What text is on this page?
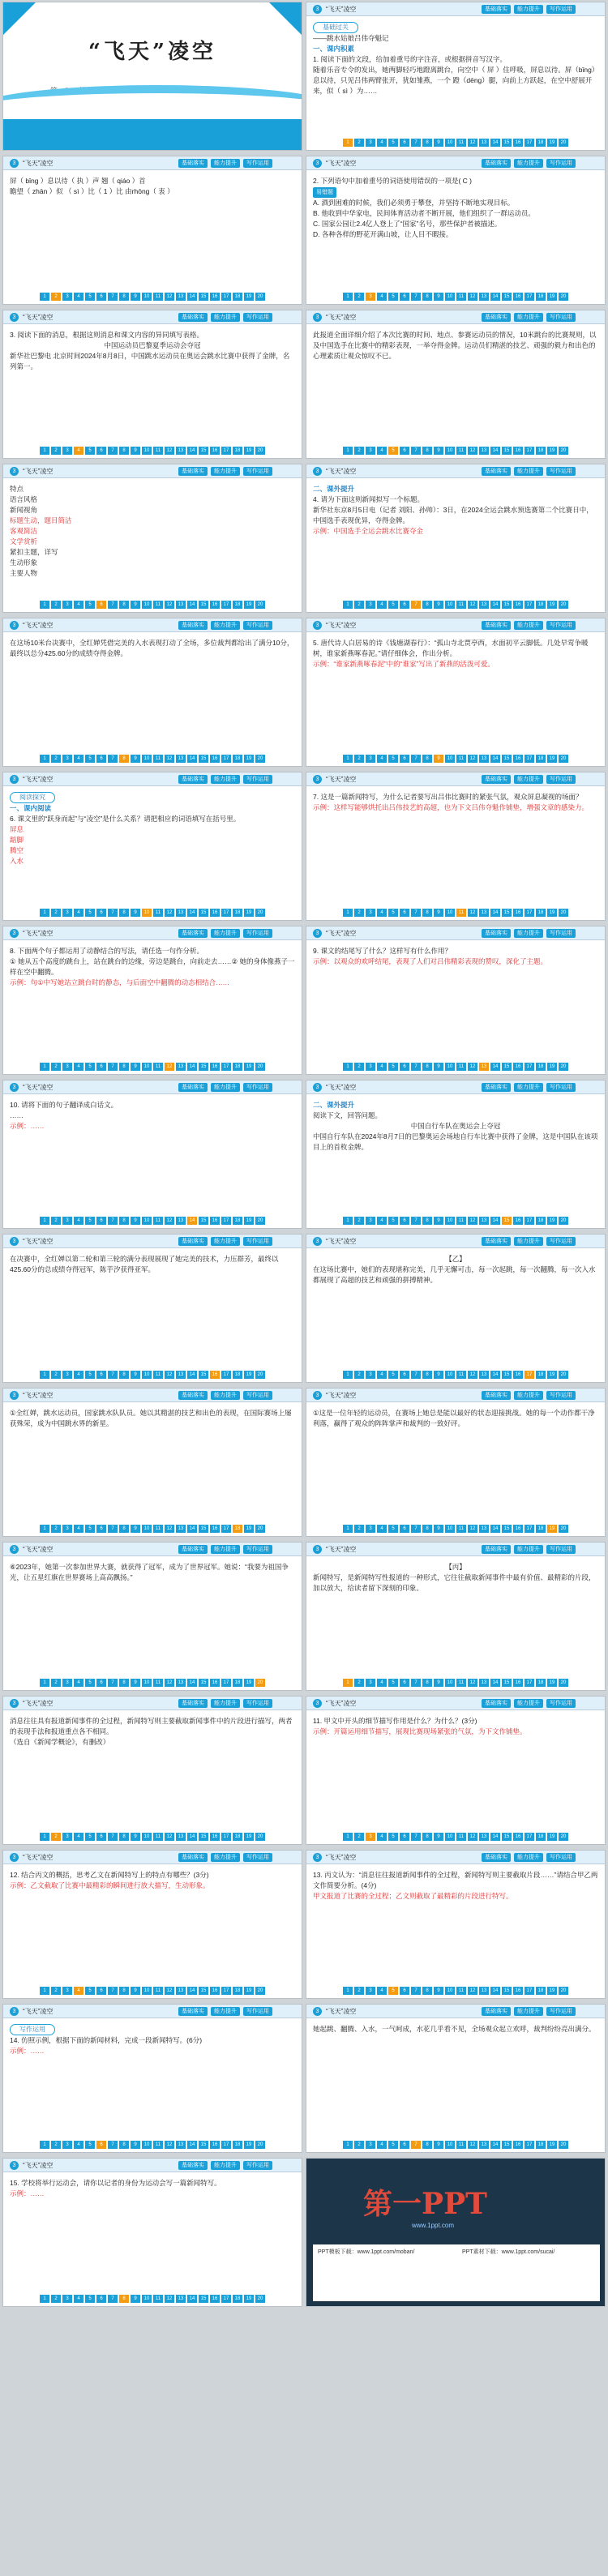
“飞天”凌空
第一PPT模板网-WWW.1PPT.COM
3	“飞天”凌空	基础落实	能力提升	写作运用
基础过关
——跳水姑娘吕伟夺魁记
一、课内积累
1. 阅读下面的文段，给加着重号的字注音，或根据拼音写汉字。
随着乐音专令的发出，她两脚轻巧地蹬离跳台，向空中（ 屏 ）住呼吸，屏息以待。屏（bǐng）息以待，只见吕伟两臂张开，犹如雏燕，一个 蹬（dēng）腿，向前上方跃起，在空中舒展开来，似（ sì ）为……
1 2 3 4 5 6 7 8 9 10 11 12 13 14 15 16 17 18 19 20
3	“飞天”凌空	基础落实	能力提升	写作运用
屏（ bǐng ）息以待（ 执 ）声 翘（ qiáo ）首
瞻望（ zhān ）似 （ sì ）比（ 1 ）比 由rhōng（ 衷 ）
1 2 3 4 5 6 7 8 9 10 11 12 13 14 15 16 17 18 19 20
3	“飞天”凌空	基础落实	能力提升	写作运用
2. 下列语句中加着重号的词语使用错误的一项是( C )
易错题
A. 酒到困难的时候，我们必须勇于攀登，并坚持不断地实现目标。
B. 他收到中华家电，民间体育活动者不断开展，他们组织了一群运动员。
C. 国家公园让2.4亿人登上了“国家”名号，那些保护者被描述。
D. 各种各样的野花开满山坡，让人目不暇接。
1 2 3 4 5 6 7 8 9 10 11 12 13 14 15 16 17 18 19 20
3	“飞天”凌空	基础落实	能力提升	写作运用
3. 阅读下面的消息，根据这则消息和课文内容的异同填写表格。
中国运动员巴黎夏季运动会夺冠
新华社巴黎电 北京时间2024年8月8日，中国跳水运动员在奥运会跳水比赛中获得了金牌，名列第一。
1 2 3 4 5 6 7 8 9 10 11 12 13 14 15 16 17 18 19 20
3	“飞天”凌空	基础落实	能力提升	写作运用
此报道全面详细介绍了本次比赛的时间、地点、参赛运动员的情况，10米跳台的比赛规则，以及中国选手在比赛中的精彩表现，一举夺得金牌。运动员们精湛的技艺、顽强的毅力和出色的心理素质让观众惊叹不已。
1 2 3 4 5 6 7 8 9 10 11 12 13 14 15 16 17 18 19 20
3	“飞天”凌空	基础落实	能力提升	写作运用
特点
语言风格
新闻视角
标题生动，题目简洁
客观简洁
文学赏析
紧扣主题，详写
生动形象
主要人物
1 2 3 4 5 6 7 8 9 10 11 12 13 14 15 16 17 18 19 20
3	“飞天”凌空	基础落实	能力提升	写作运用
二、课外提升
4. 请为下面这则新闻拟写一个标题。
新华社东京8月5日电（记者 刘阳、孙帅）：3日，在2024全运会跳水预选赛第二个比赛日中，中国选手表现优异，夺得金牌。
示例：中国选手全运会跳水比赛夺金
1 2 3 4 5 6 7 8 9 10 11 12 13 14 15 16 17 18 19 20
3	“飞天”凌空	基础落实	能力提升	写作运用
在这场10米台决赛中，全红婵凭借完美的入水表现打动了全场，多位裁判都给出了满分10分，最终以总分425.60分的成绩夺得金牌。
1 2 3 4 5 6 7 8 9 10 11 12 13 14 15 16 17 18 19 20
3	“飞天”凌空	基础落实	能力提升	写作运用
5. 唐代诗人白居易的诗《钱塘湖春行》：“孤山寺北贾亭西，水面初平云脚低。几处早莺争暖树，谁家新燕啄春泥。”请仔细体会，作出分析。
示例：“谁家新燕啄春泥”中的“谁家”写出了新燕的活泼可爱。
1 2 3 4 5 6 7 8 9 10 11 12 13 14 15 16 17 18 19 20
3	“飞天”凌空	基础落实	能力提升	写作运用
阅读探究
一、课内阅读
6. 课文里的“跃身而起”与“凌空”是什么关系？请把相应的词语填写在括号里。
屏息
踮脚
腾空
入水
1 2 3 4 5 6 7 8 9 10 11 12 13 14 15 16 17 18 19 20
3	“飞天”凌空	基础落实	能力提升	写作运用
7. 这是一篇新闻特写，为什么记者要写出吕伟比赛时的紧张气氛，观众屏息凝视的场面？
示例：这样写能够烘托出吕伟技艺的高超，也为下文吕伟夺魁作铺垫，增强文章的感染力。
1 2 3 4 5 6 7 8 9 10 11 12 13 14 15 16 17 18 19 20
3	“飞天”凌空	基础落实	能力提升	写作运用
8. 下面两个句子都运用了动静结合的写法，请任选一句作分析。
① 她从五个高度的跳台上，站在跳台的边缘，旁边是跳台，向前走去……② 她的身体像燕子一样在空中翻腾。
示例：句①中写她站立跳台时的静态，与后面空中翻腾的动态相结合……
1 2 3 4 5 6 7 8 9 10 11 12 13 14 15 16 17 18 19 20
3	“飞天”凌空	基础落实	能力提升	写作运用
9. 课文的结尾写了什么？这样写有什么作用？
示例：以观众的欢呼结尾，表现了人们对吕伟精彩表现的赞叹，深化了主题。
1 2 3 4 5 6 7 8 9 10 11 12 13 14 15 16 17 18 19 20
3	“飞天”凌空	基础落实	能力提升	写作运用
10. 请将下面的句子翻译成白话文。
……
示例：……
1 2 3 4 5 6 7 8 9 10 11 12 13 14 15 16 17 18 19 20
3	“飞天”凌空	基础落实	能力提升	写作运用
二、课外提升
阅读下文，回答问题。
中国自行车队在奥运会上夺冠
中国自行车队在2024年8月7日的巴黎奥运会场地自行车比赛中获得了金牌，这是中国队在该项目上的首枚金牌。
1 2 3 4 5 6 7 8 9 10 11 12 13 14 15 16 17 18 19 20
3	“飞天”凌空	基础落实	能力提升	写作运用
在决赛中，全红婵以第二轮和第三轮的满分表现展现了她完美的技术，力压群芳，最终以425.60分的总成绩夺得冠军，陈芋汐获得亚军。
1 2 3 4 5 6 7 8 9 10 11 12 13 14 15 16 17 18 19 20
3	“飞天”凌空	基础落实	能力提升	写作运用
【乙】
在这场比赛中，她们的表现堪称完美，几乎无懈可击，每一次起跳，每一次翻腾，每一次入水都展现了高超的技艺和顽强的拼搏精神。
1 2 3 4 5 6 7 8 9 10 11 12 13 14 15 16 17 18 19 20
3	“飞天”凌空	基础落实	能力提升	写作运用
①全红婵，跳水运动员，国家跳水队队员。她以其精湛的技艺和出色的表现，在国际赛场上屡获殊荣，成为中国跳水界的新星。
1 2 3 4 5 6 7 8 9 10 11 12 13 14 15 16 17 18 19 20
3	“飞天”凌空	基础落实	能力提升	写作运用
①这是一位年轻的运动员，在赛场上她总是能以最好的状态迎接挑战。她的每一个动作都干净利落，赢得了观众的阵阵掌声和裁判的一致好评。
1 2 3 4 5 6 7 8 9 10 11 12 13 14 15 16 17 18 19 20
3	“飞天”凌空	基础落实	能力提升	写作运用
⑥2023年，她第一次参加世界大赛，就获得了冠军，成为了世界冠军。她说：“我要为祖国争光，让五星红旗在世界赛场上高高飘扬。”
1 2 3 4 5 6 7 8 9 10 11 12 13 14 15 16 17 18 19 20
3	“飞天”凌空	基础落实	能力提升	写作运用
【丙】
新闻特写，是新闻特写性报道的一种形式，它往往截取新闻事件中最有价值、最精彩的片段，加以放大，给读者留下深刻的印象。
1 2 3 4 5 6 7 8 9 10 11 12 13 14 15 16 17 18 19 20
3	“飞天”凌空	基础落实	能力提升	写作运用
消息往往具有报道新闻事件的全过程，新闻特写则主要截取新闻事件中的片段进行描写，两者的表现手法和报道重点各不相同。
（选自《新闻学概论》，有删改）
1 2 3 4 5 6 7 8 9 10 11 12 13 14 15 16 17 18 19 20
3	“飞天”凌空	基础落实	能力提升	写作运用
11. 甲文中开头的细节描写作用是什么？为什么？(3分)
示例：开篇运用细节描写，展现比赛现场紧张的气氛，为下文作铺垫。
1 2 3 4 5 6 7 8 9 10 11 12 13 14 15 16 17 18 19 20
3	“飞天”凌空	基础落实	能力提升	写作运用
12. 结合丙文的概括，思考乙文在新闻特写上的特点有哪些？(3分)
示例：乙文截取了比赛中最精彩的瞬间进行放大描写，生动形象。
1 2 3 4 5 6 7 8 9 10 11 12 13 14 15 16 17 18 19 20
3	“飞天”凌空	基础落实	能力提升	写作运用
13. 丙文认为：“消息往往报道新闻事件的全过程，新闻特写则主要截取片段……”请结合甲乙两文作简要分析。(4分)
甲文报道了比赛的全过程；乙文则截取了最精彩的片段进行特写。
1 2 3 4 5 6 7 8 9 10 11 12 13 14 15 16 17 18 19 20
3	“飞天”凌空	基础落实	能力提升	写作运用
写作运用
14. 仿照示例，根据下面的新闻材料，完成一段新闻特写。(6分)
示例：……
1 2 3 4 5 6 7 8 9 10 11 12 13 14 15 16 17 18 19 20
3	“飞天”凌空	基础落实	能力提升	写作运用
她起跳、翻腾、入水，一气呵成，水花几乎看不见，全场观众起立欢呼，裁判纷纷亮出满分。
1 2 3 4 5 6 7 8 9 10 11 12 13 14 15 16 17 18 19 20
3	“飞天”凌空	基础落实	能力提升	写作运用
15. 学校将举行运动会，请你以记者的身份为运动会写一篇新闻特写。
示例：……
1 2 3 4 5 6 7 8 9 10 11 12 13 14 15 16 17 18 19 20
第一PPT
www.1ppt.com
PPT模板下载：www.1ppt.com/moban/	PPT素材下载：www.1ppt.com/sucai/
